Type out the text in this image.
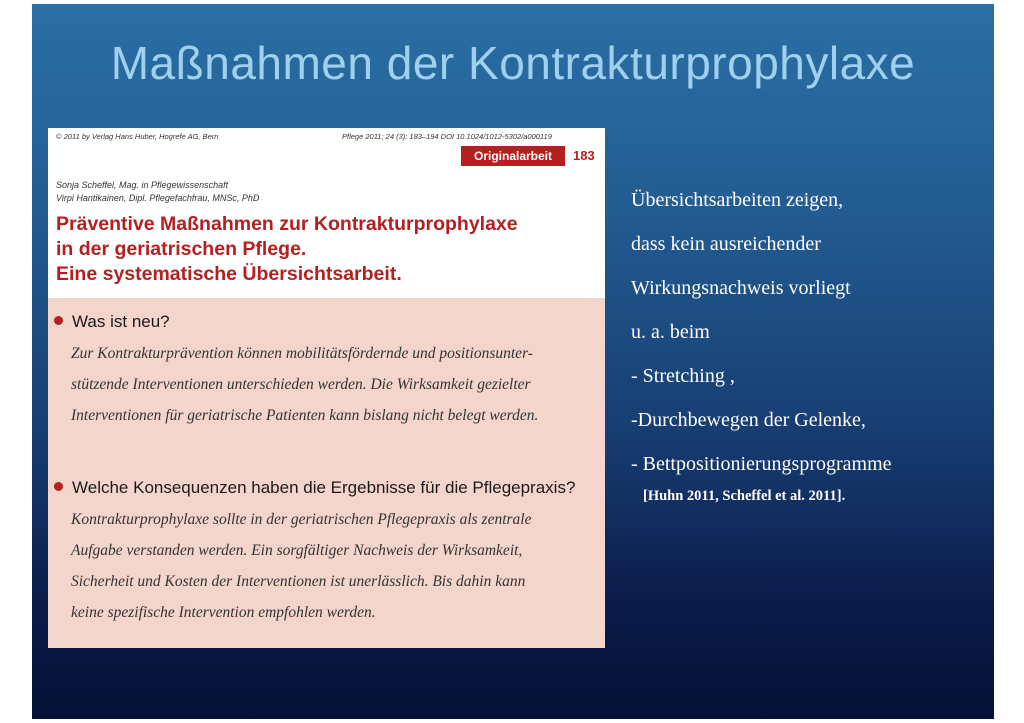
Maßnahmen der Kontrakturprophylaxe
© 2011 by Verlag Hans Huber, Hogrefe AG, Bern	Pflege 2011; 24 (3): 183–194 DOI 10.1024/1012-5302/a000119
Originalarbeit	183
Sonja Scheffel, Mag. in Pflegewissenschaft
Virpi Hantikainen, Dipl. Pflegefachfrau, MNSc, PhD
Präventive Maßnahmen zur Kontrakturprophylaxe
in der geriatrischen Pflege.
Eine systematische Übersichtsarbeit.
Was ist neu?
Zur Kontrakturprävention können mobilitätsfördernde und positionsunter-
stützende Interventionen unterschieden werden. Die Wirksamkeit gezielter
Interventionen für geriatrische Patienten kann bislang nicht belegt werden.
Welche Konsequenzen haben die Ergebnisse für die Pflegepraxis?
Kontrakturprophylaxe sollte in der geriatrischen Pflegepraxis als zentrale
Aufgabe verstanden werden. Ein sorgfältiger Nachweis der Wirksamkeit,
Sicherheit und Kosten der Interventionen ist unerlässlich. Bis dahin kann
keine spezifische Intervention empfohlen werden.
Übersichtsarbeiten zeigen,
dass kein ausreichender
Wirkungsnachweis vorliegt
u. a. beim
- Stretching ,
-Durchbewegen der Gelenke,
- Bettpositionierungsprogramme
[Huhn 2011, Scheffel et al. 2011].
